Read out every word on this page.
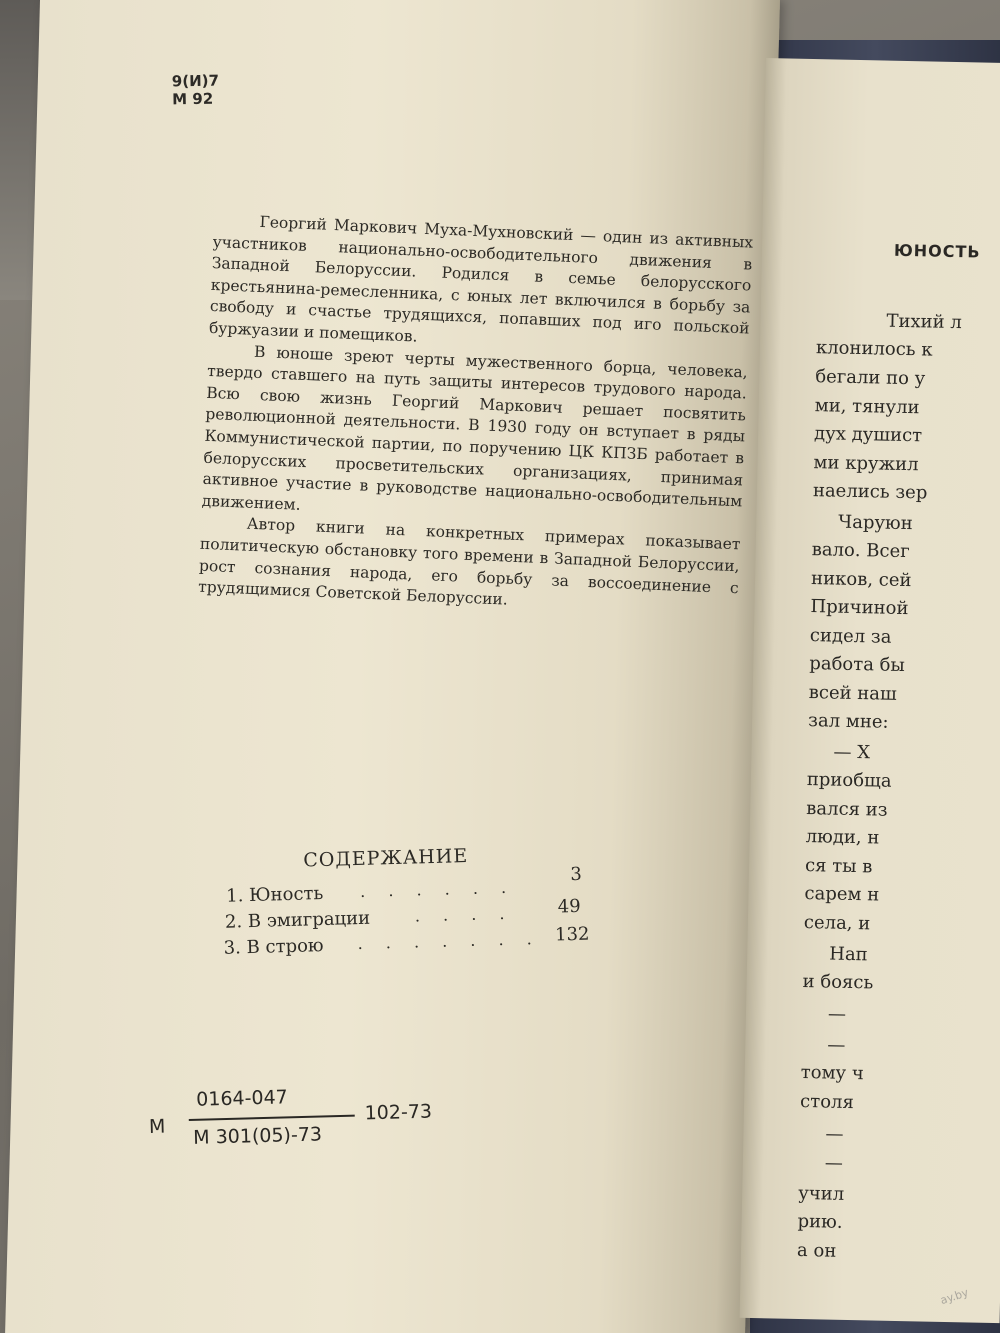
9(И)7
М 92

Георгий Маркович Муха-Мухновский — один из активных участников национально-освободительного движения в Западной Белоруссии. Родился в семье белорусского крестьянина-ремесленника, с юных лет включился в борьбу за свободу и счастье трудящихся, попавших под иго польской буржуазии и помещиков.

В юноше зреют черты мужественного борца, человека, твердо ставшего на путь защиты интересов трудового народа. Всю свою жизнь Георгий Маркович решает посвятить революционной деятельности. В 1930 году он вступает в ряды Коммунистической партии, по поручению ЦК КПЗБ работает в белорусских просветительских организациях, принимая активное участие в руководстве национально-освободительным движением.

Автор книги на конкретных примерах показывает политическую обстановку того времени в Западной Белоруссии, рост сознания народа, его борьбу за воссоединение с трудящимися Советской Белоруссии.

СОДЕРЖАНИЕ
1. Юность . . . . . .
3
2. В эмиграции	. . . . 49
3. В строю . . . . . . . 132
М
0164-047
М 301(05)-73
102-73
ЮНОСТЬ
Тихий л
клонилось к
бегали по у
ми, тянули
дух душист
ми кружил
наелись зер
Чаруюн
вало. Всег
ников, сей
Причиной
сидел за
работа бы
всей наш
зал мне:
— Х
приобща
вался из
люди, н
ся ты в
сарем н
села, и
Нап
и боясь
—
—
тому ч
столя
—
—
учил
рию.
а он
ay.by
